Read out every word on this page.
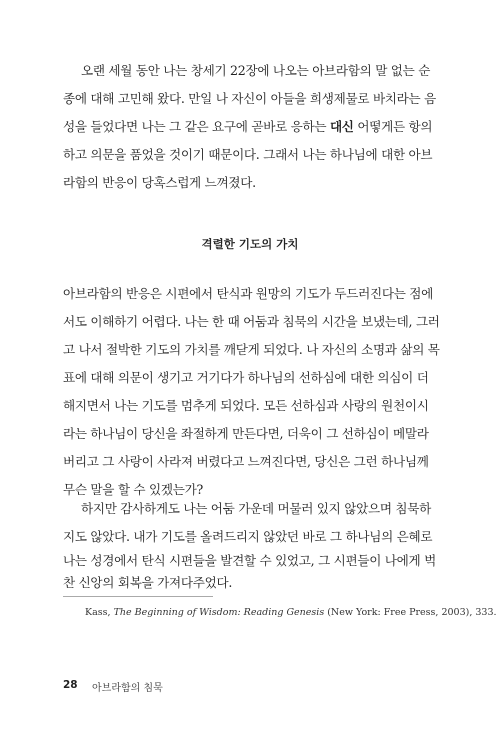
오랜 세월 동안 나는 창세기 22장에 나오는 아브라함의 말 없는 순
종에 대해 고민해 왔다. 만일 나 자신이 아들을 희생제물로 바치라는 음
성을 들었다면 나는 그 같은 요구에 곧바로 응하는 대신 어떻게든 항의
하고 의문을 품었을 것이기 때문이다. 그래서 나는 하나님에 대한 아브
라함의 반응이 당혹스럽게 느껴졌다.
격렬한 기도의 가치
아브라함의 반응은 시편에서 탄식과 원망의 기도가 두드러진다는 점에
서도 이해하기 어렵다. 나는 한 때 어둠과 침묵의 시간을 보냈는데, 그러
고 나서 절박한 기도의 가치를 깨닫게 되었다. 나 자신의 소명과 삶의 목
표에 대해 의문이 생기고 거기다가 하나님의 선하심에 대한 의심이 더
해지면서 나는 기도를 멈추게 되었다. 모든 선하심과 사랑의 원천이시
라는 하나님이 당신을 좌절하게 만든다면, 더욱이 그 선하심이 메말라
버리고 그 사랑이 사라져 버렸다고 느껴진다면, 당신은 그런 하나님께
무슨 말을 할 수 있겠는가?
하지만 감사하게도 나는 어둠 가운데 머물러 있지 않았으며 침묵하
지도 않았다. 내가 기도를 올려드리지 않았던 바로 그 하나님의 은혜로
나는 성경에서 탄식 시편들을 발견할 수 있었고, 그 시편들이 나에게 벅
찬 신앙의 회복을 가져다주었다.
Kass, The Beginning of Wisdom: Reading Genesis (New York: Free Press, 2003), 333.
28 아브라함의 침묵
